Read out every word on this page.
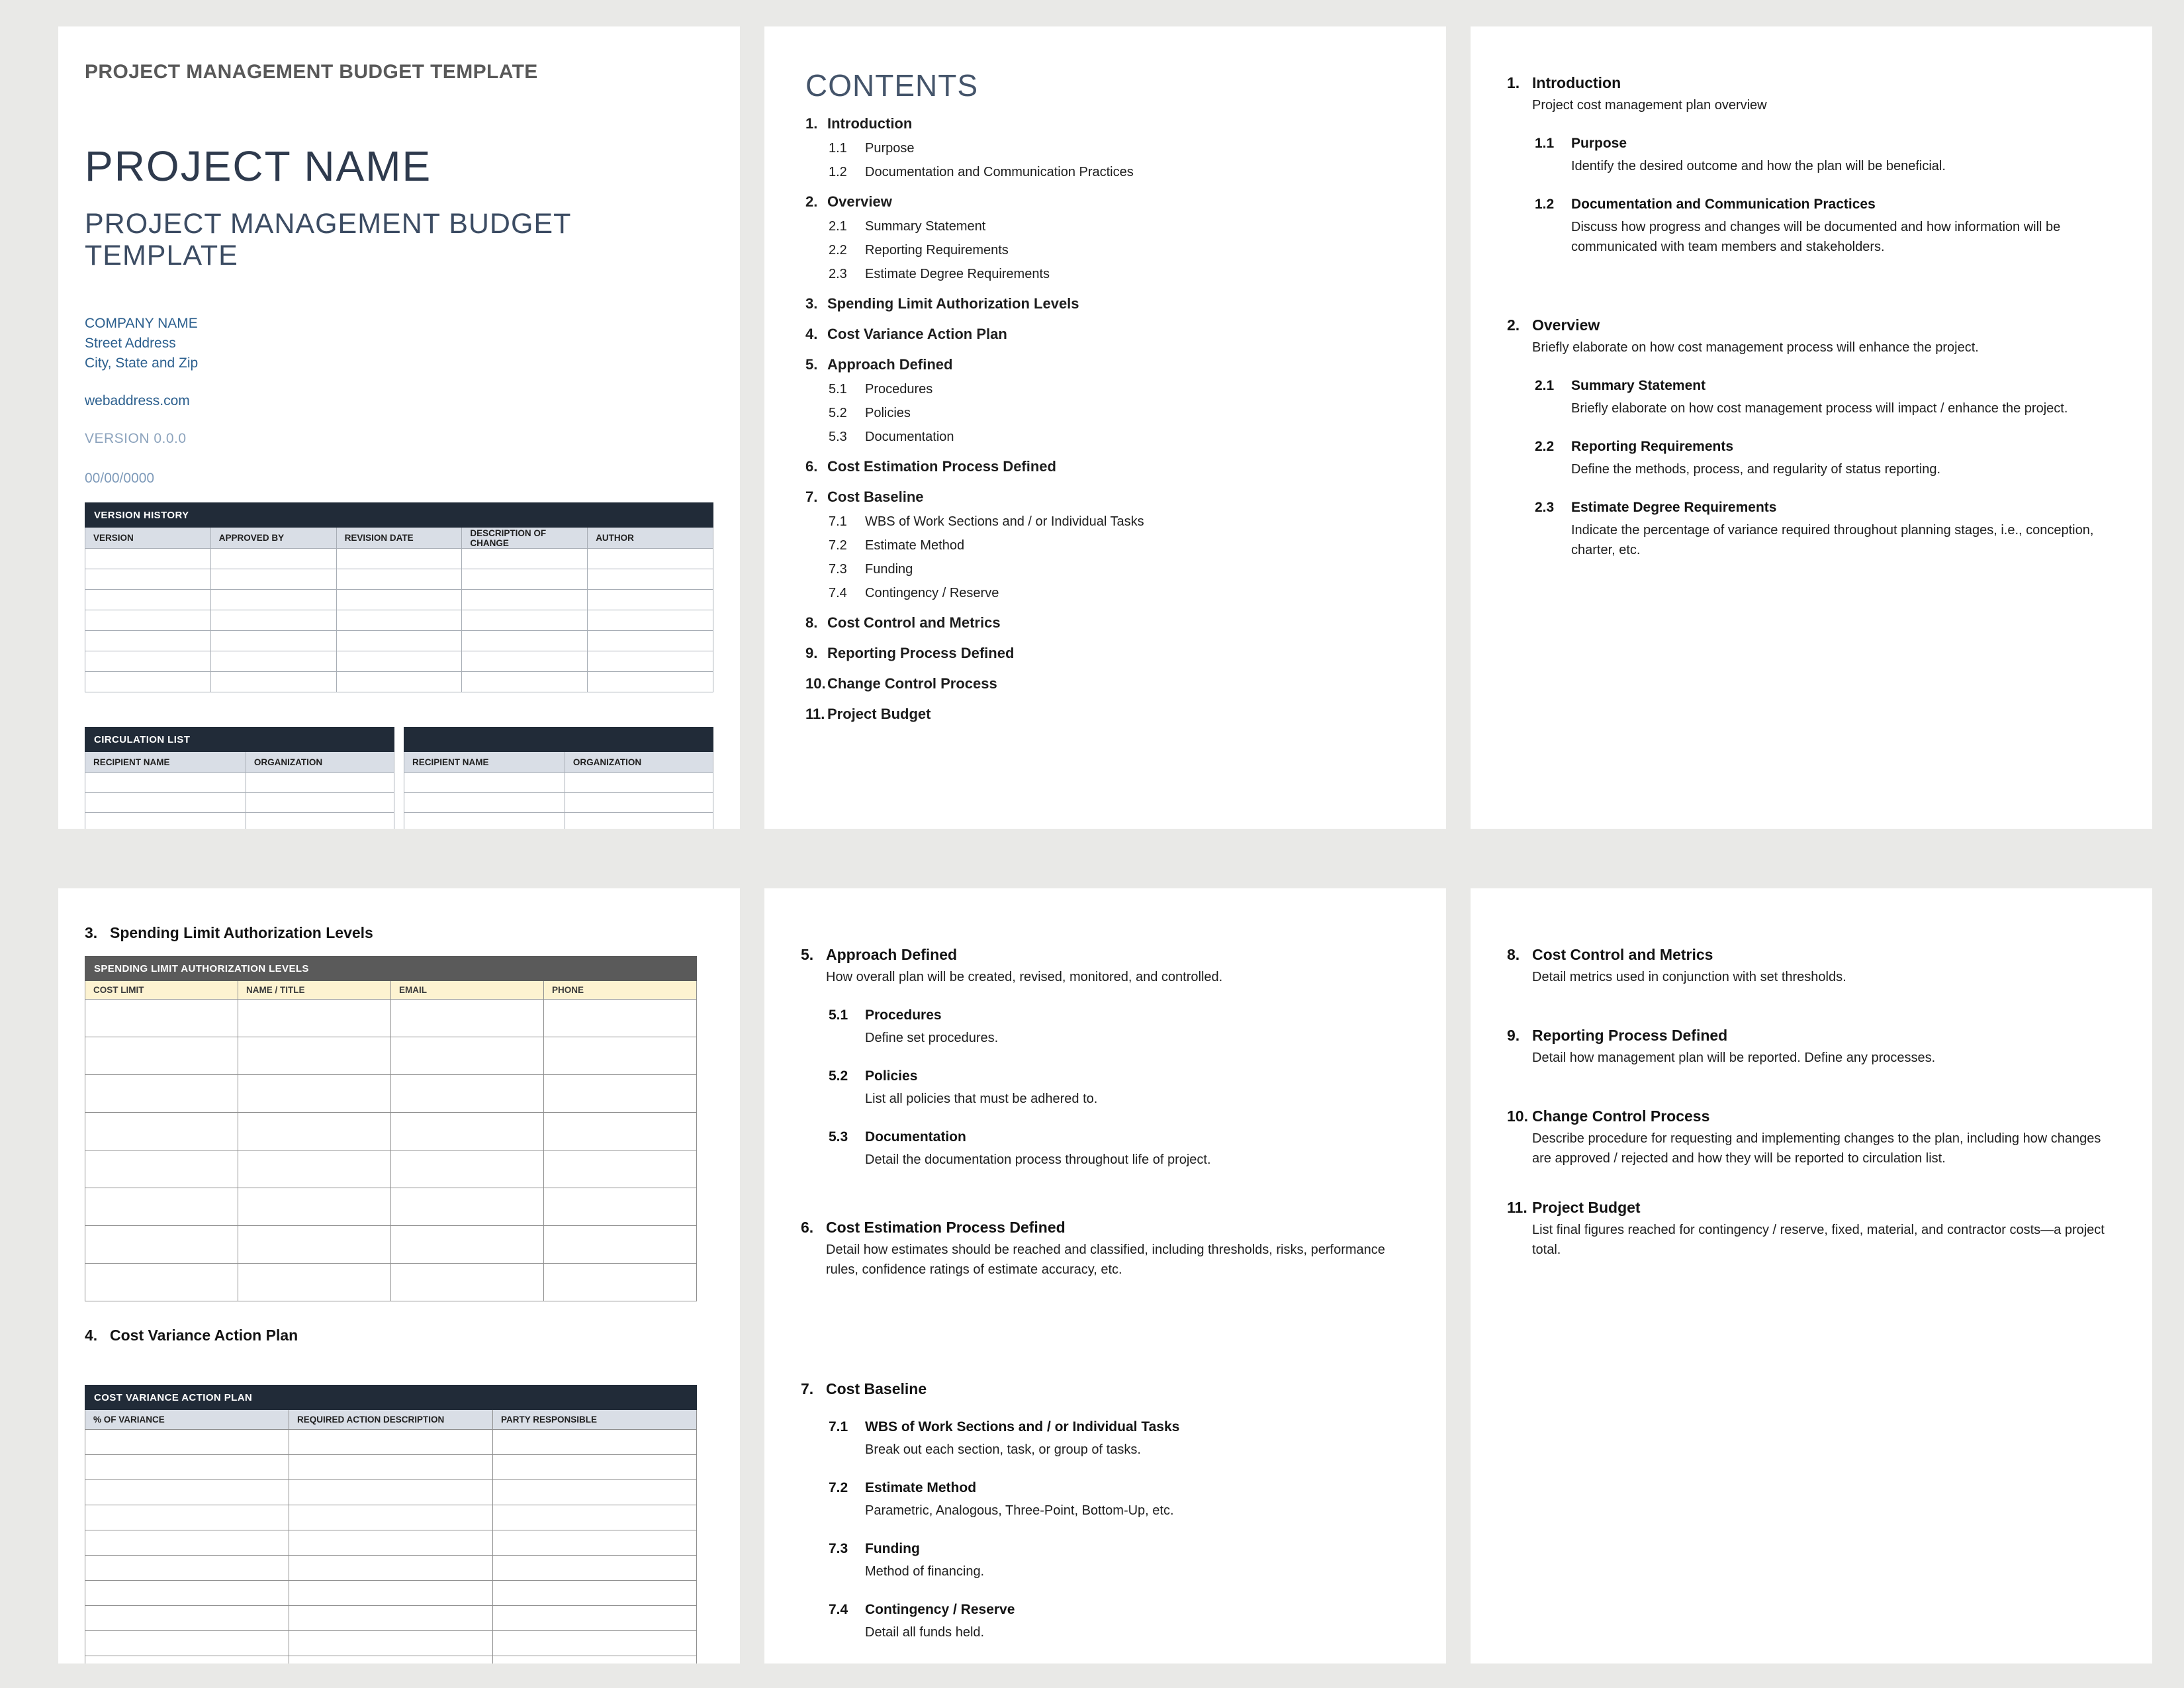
PROJECT MANAGEMENT BUDGET TEMPLATE
PROJECT NAME
PROJECT MANAGEMENT BUDGET TEMPLATE
COMPANY NAME
Street Address
City, State and Zip
webaddress.com
VERSION 0.0.0
00/00/0000
VERSION HISTORY				
VERSION	APPROVED BY	REVISION DATE	DESCRIPTION OF CHANGE	AUTHOR

CIRCULATION LIST	
RECIPIENT NAME	ORGANIZATION

		RECIPIENT NAME	ORGANIZATION

CONTENTS
1. Introduction
1.1 Purpose
1.2 Documentation and Communication Practices
2. Overview
2.1 Summary Statement
2.2 Reporting Requirements
2.3 Estimate Degree Requirements
3. Spending Limit Authorization Levels
4. Cost Variance Action Plan
5. Approach Defined
5.1 Procedures
5.2 Policies
5.3 Documentation
6. Cost Estimation Process Defined
7. Cost Baseline
7.1 WBS of Work Sections and / or Individual Tasks
7.2 Estimate Method
7.3 Funding
7.4 Contingency / Reserve
8. Cost Control and Metrics
9. Reporting Process Defined
10. Change Control Process
11. Project Budget
1. Introduction
Project cost management plan overview
1.1	Purpose
Identify the desired outcome and how the plan will be beneficial.
1.2	Documentation and Communication Practices
Discuss how progress and changes will be documented and how information will be communicated with team members and stakeholders.
2. Overview
Briefly elaborate on how cost management process will enhance the project.
2.1	Summary Statement
Briefly elaborate on how cost management process will impact / enhance the project.
2.2	Reporting Requirements
Define the methods, process, and regularity of status reporting.
2.3	Estimate Degree Requirements
Indicate the percentage of variance required throughout planning stages, i.e., conception, charter, etc.
3. Spending Limit Authorization Levels
SPENDING LIMIT AUTHORIZATION LEVELS			
COST LIMIT	NAME / TITLE	EMAIL	PHONE

4. Cost Variance Action Plan
COST VARIANCE ACTION PLAN		
% OF VARIANCE	REQUIRED ACTION DESCRIPTION	PARTY RESPONSIBLE

5. Approach Defined
How overall plan will be created, revised, monitored, and controlled.
5.1	Procedures
Define set procedures.
5.2	Policies
List all policies that must be adhered to.
5.3	Documentation
Detail the documentation process throughout life of project.
6. Cost Estimation Process Defined
Detail how estimates should be reached and classified, including thresholds, risks, performance rules, confidence ratings of estimate accuracy, etc.
7. Cost Baseline
7.1	WBS of Work Sections and / or Individual Tasks
Break out each section, task, or group of tasks.
7.2	Estimate Method
Parametric, Analogous, Three-Point, Bottom-Up, etc.
7.3	Funding
Method of financing.
7.4	Contingency / Reserve
Detail all funds held.
8. Cost Control and Metrics
Detail metrics used in conjunction with set thresholds.
9. Reporting Process Defined
Detail how management plan will be reported. Define any processes.
10. Change Control Process
Describe procedure for requesting and implementing changes to the plan, including how changes are approved / rejected and how they will be reported to circulation list.
11. Project Budget
List final figures reached for contingency / reserve, fixed, material, and contractor costs—a project total.
